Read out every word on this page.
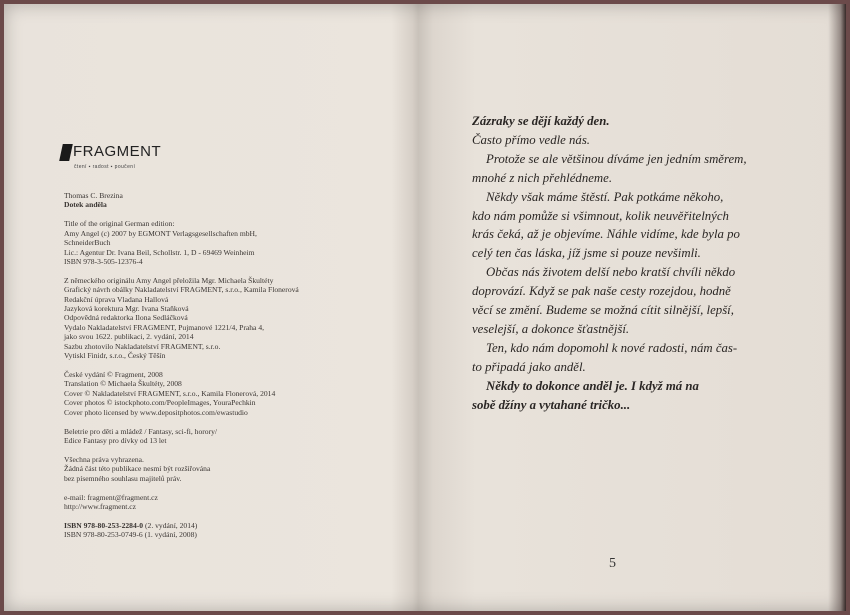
FRAGMENT
čtení ▪ radost ▪ poučení
Thomas C. Brezina
Dotek anděla
Title of the original German edition:
Amy Angel (c) 2007 by EGMONT Verlagsgesellschaften mbH,
SchneiderBuch
Lic.: Agentur Dr. Ivana Beil, Schollstr. 1, D - 69469 Weinheim
ISBN 978-3-505-12376-4
Z německého originálu Amy Angel přeložila Mgr. Michaela Škultéty
Grafický návrh obálky Nakladatelství FRAGMENT, s.r.o., Kamila Flonerová
Redakční úprava Vladana Hallová
Jazyková korektura Mgr. Ivana Staňková
Odpovědná redaktorka Ilona Sedláčková
Vydalo Nakladatelství FRAGMENT, Pujmanové 1221/4, Praha 4,
jako svou 1622. publikaci, 2. vydání, 2014
Sazbu zhotovilo Nakladatelství FRAGMENT, s.r.o.
Vytiskl Finidr, s.r.o., Český Těšín
České vydání © Fragment, 2008
Translation © Michaela Škultéty, 2008
Cover © Nakladatelství FRAGMENT, s.r.o., Kamila Flonerová, 2014
Cover photos © istockphoto.com/PeopleImages, YouraPechkin
Cover photo licensed by www.depositphotos.com/ewastudio
Beletrie pro děti a mládež / Fantasy, sci-fi, horory/
Edice Fantasy pro dívky od 13 let
Všechna práva vyhrazena.
Žádná část této publikace nesmí být rozšiřována
bez písemného souhlasu majitelů práv.
e-mail: fragment@fragment.cz
http://www.fragment.cz
ISBN 978-80-253-2284-0 (2. vydání, 2014)
ISBN 978-80-253-0749-6 (1. vydání, 2008)
Zázraky se dějí každý den.
Často přímo vedle nás.
Protože se ale většinou díváme jen jedním směrem,
mnohé z nich přehlédneme.
Někdy však máme štěstí. Pak potkáme někoho,
kdo nám pomůže si všimnout, kolik neuvěřitelných
krás čeká, až je objevíme. Náhle vidíme, kde byla po
celý ten čas láska, jíž jsme si pouze nevšimli.
Občas nás životem delší nebo kratší chvíli někdo
doprovází. Když se pak naše cesty rozejdou, hodně
věcí se změní. Budeme se možná cítit silnější, lepší,
veselejší, a dokonce šťastnější.
Ten, kdo nám dopomohl k nové radosti, nám čas-
to připadá jako anděl.
Někdy to dokonce anděl je. I když má na
sobě džíny a vytahané tričko...
5
